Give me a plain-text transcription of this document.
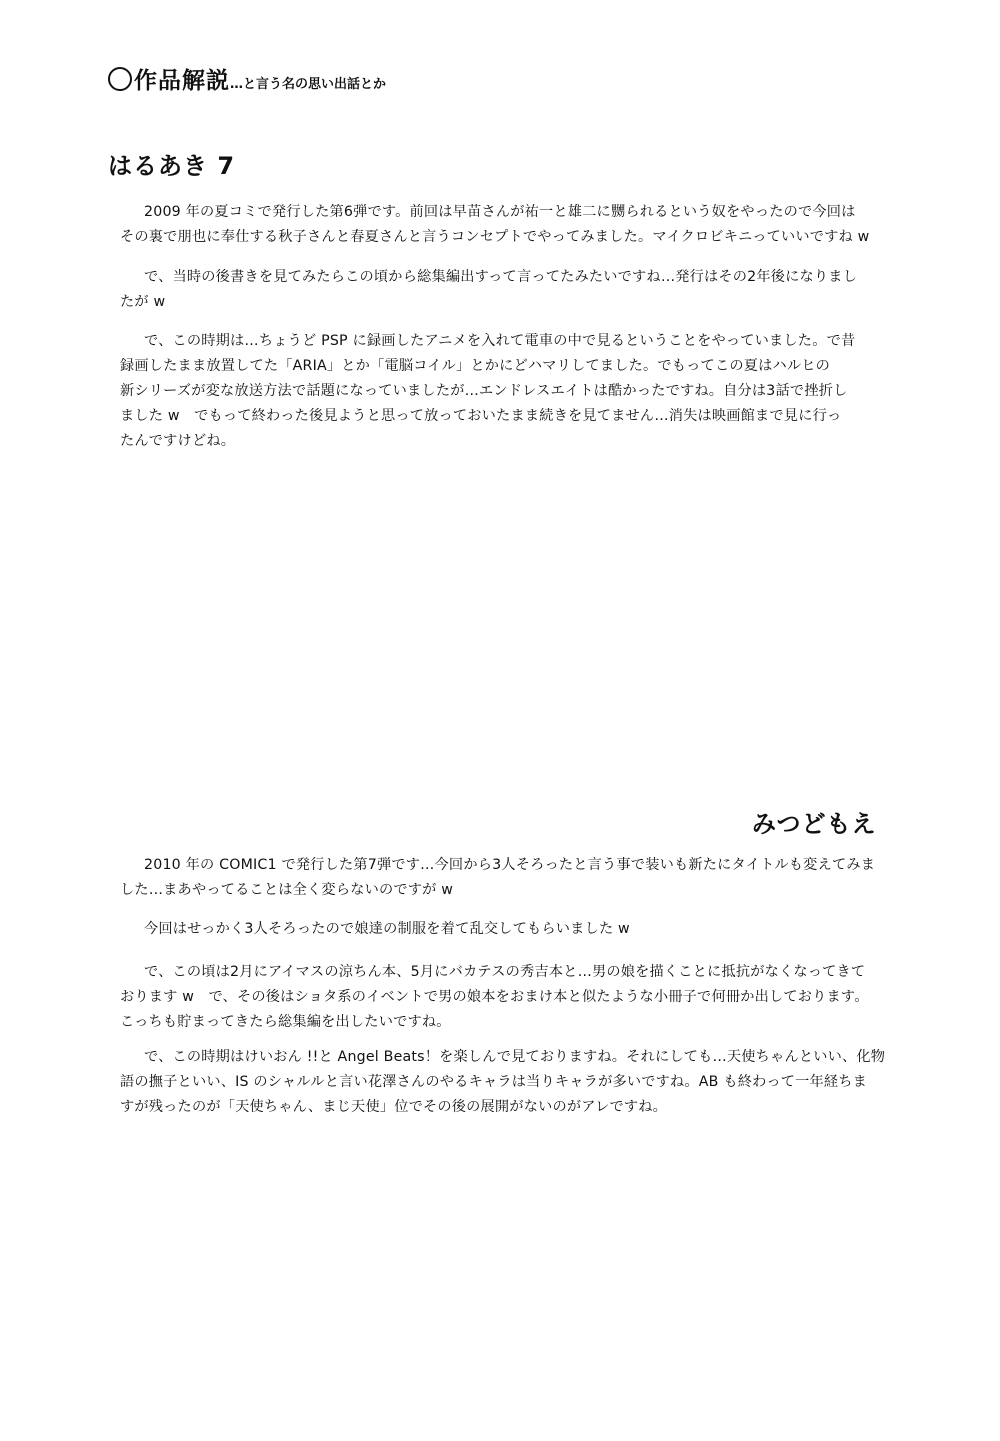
作品解説…と言う名の思い出話とか
はるあき 7

2009 年の夏コミで発行した第6弾です。前回は早苗さんが祐一と雄二に嬲られるという奴をやったので今回は
その裏で朋也に奉仕する秋子さんと春夏さんと言うコンセプトでやってみました。マイクロビキニっていいですね w

で、当時の後書きを見てみたらこの頃から総集編出すって言ってたみたいですね…発行はその2年後になりまし
たが w

で、この時期は…ちょうど PSP に録画したアニメを入れて電車の中で見るということをやっていました。で昔
録画したまま放置してた「ARIA」とか「電脳コイル」とかにどハマリしてました。でもってこの夏はハルヒの
新シリーズが変な放送方法で話題になっていましたが…エンドレスエイトは酷かったですね。自分は3話で挫折し
ました w　でもって終わった後見ようと思って放っておいたまま続きを見てません…消失は映画館まで見に行っ
たんですけどね。

みつどもえ

2010 年の COMIC1 で発行した第7弾です…今回から3人そろったと言う事で装いも新たにタイトルも変えてみま
した…まあやってることは全く変らないのですが w

今回はせっかく3人そろったので娘達の制服を着て乱交してもらいました w

で、この頃は2月にアイマスの涼ちん本、5月にバカテスの秀吉本と…男の娘を描くことに抵抗がなくなってきて
おります w　で、その後はショタ系のイベントで男の娘本をおまけ本と似たような小冊子で何冊か出しております。
こっちも貯まってきたら総集編を出したいですね。

で、この時期はけいおん !!と Angel Beats！を楽しんで見ておりますね。それにしても…天使ちゃんといい、化物
語の撫子といい、IS のシャルルと言い花澤さんのやるキャラは当りキャラが多いですね。AB も終わって一年経ちま
すが残ったのが「天使ちゃん、まじ天使」位でその後の展開がないのがアレですね。
